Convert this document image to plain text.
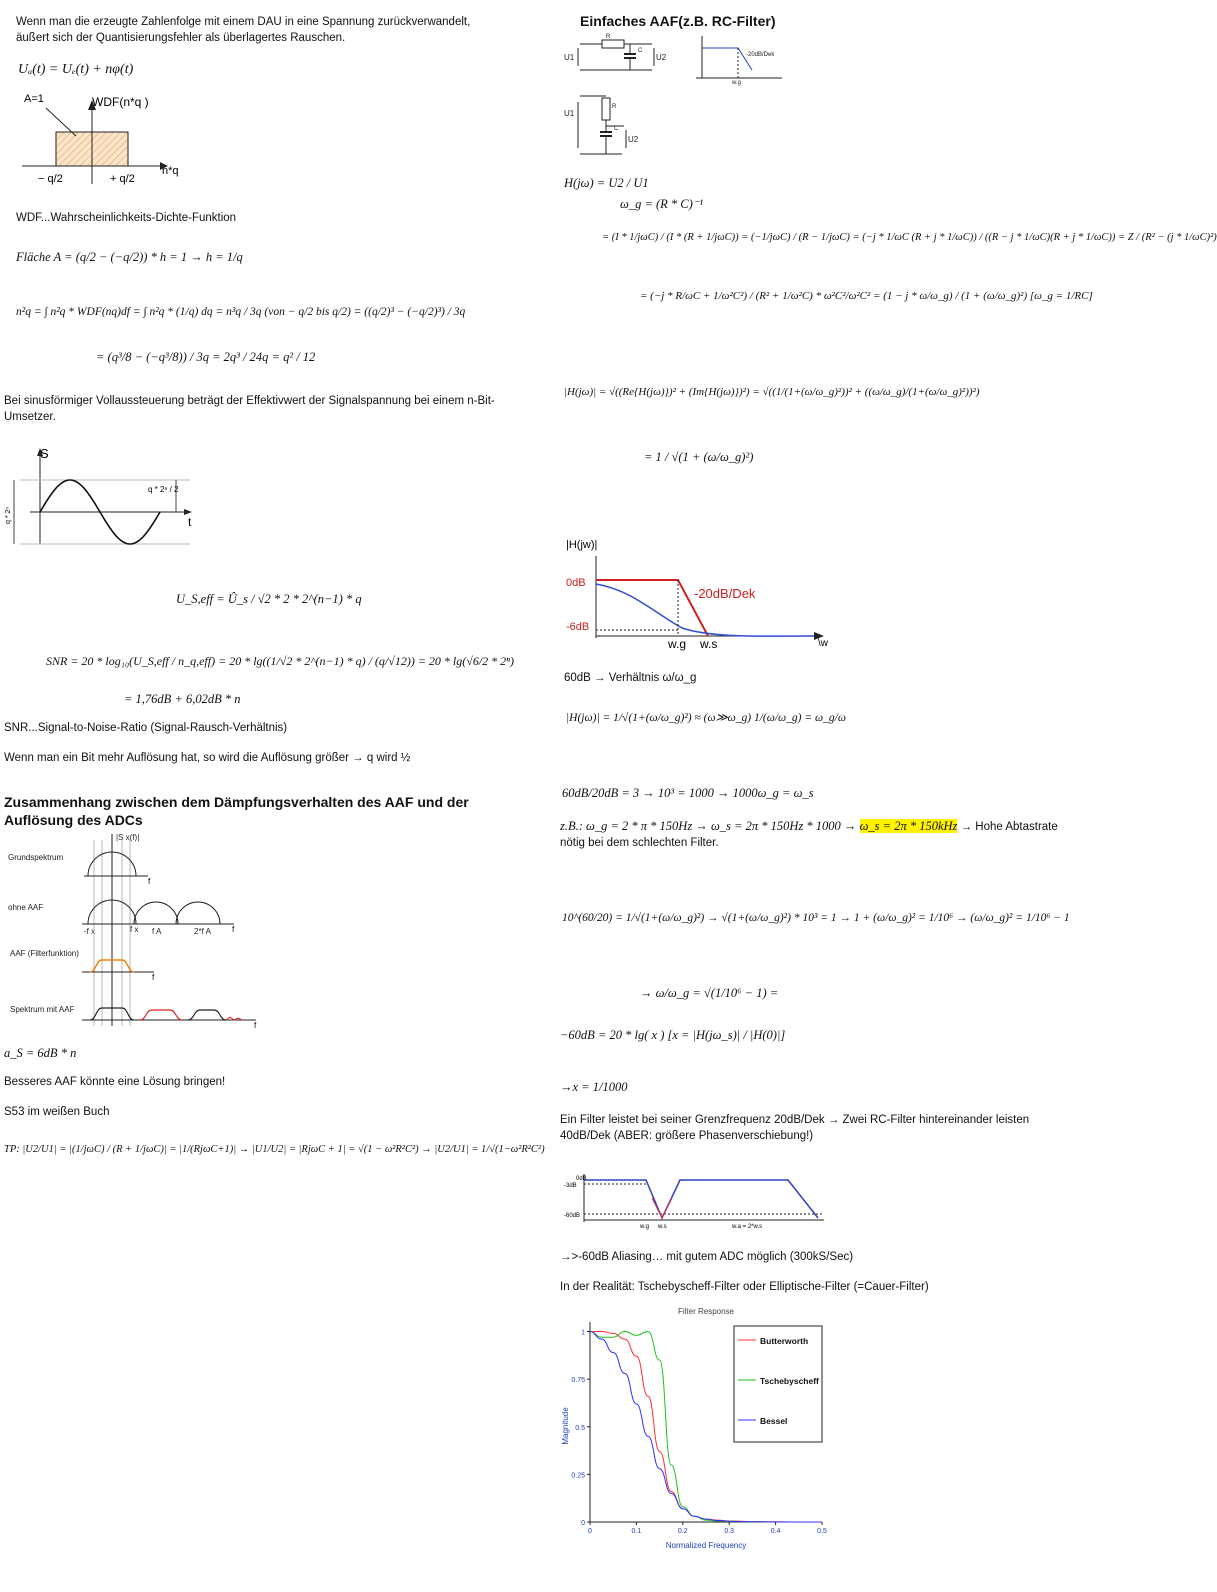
Wenn man die erzeugte Zahlenfolge mit einem DAU in eine Spannung zurückverwandelt, äußert sich der Quantisierungsfehler als überlagertes Rauschen.
Uₐ(t) = Uₑ(t) + nφ(t)
A=1	WDF(n*q )
n*q
− q/2	+ q/2
WDF...Wahrscheinlichkeits-Dichte-Funktion
Fläche A = (q/2 − (−q/2)) * h = 1 → h = 1/q
n²q = ∫ n²q * WDF(nq)df = ∫ n²q * (1/q) dq = n³q / 3q (von − q/2 bis q/2) = ((q/2)³ − (−q/2)³) / 3q
= (q³/8 − (−q³/8)) / 3q = 2q³ / 24q = q² / 12
Bei sinusförmiger Vollaussteuerung beträgt der Effektivwert der Signalspannung bei einem n-Bit-Umsetzer.
S
t
q * 2ⁿ / 2
q * 2ⁿ
U_S,eff = Û_s / √2 * 2 * 2^(n−1) * q
SNR = 20 * log₁₀(U_S,eff / n_q,eff) = 20 * lg((1/√2 * 2^(n−1) * q) / (q/√12)) = 20 * lg(√6/2 * 2ⁿ)
= 1,76dB + 6,02dB * n
SNR...Signal-to-Noise-Ratio (Signal-Rausch-Verhältnis)
Wenn man ein Bit mehr Auflösung hat, so wird die Auflösung größer → q wird ½
Zusammenhang zwischen dem Dämpfungsverhalten des AAF und der Auflösung des ADCs
Grundspektrum
ohne AAF
AAF (Filterfunktion)
Spektrum mit AAF
|S x(f)|
-f x	f x f A	2*f A
f
f
f
f
a_S = 6dB * n
Besseres AAF könnte eine Lösung bringen!
S53 im weißen Buch
TP: |U2/U1| = |(1/jωC) / (R + 1/jωC)| = |1/(RjωC+1)| → |U1/U2| = |RjωC + 1| = √(1 − ω²R²C²) → |U2/U1| = 1/√(1−ω²R²C²)
Einfaches AAF(z.B. RC-Filter)
U1	U2
R
C
U1
U2
R
C
-20dB/Dek
w.g
H(jω) = U2 / U1
ω_g = (R * C)⁻¹
= (I * 1/jωC) / (I * (R + 1/jωC)) = (−1/jωC) / (R − 1/jωC) = (−j * 1/ωC (R + j * 1/ωC)) / ((R − j * 1/ωC)(R + j * 1/ωC)) = Z / (R² − (j * 1/ωC)²)
= (−j * R/ωC + 1/ω²C²) / (R² + 1/ω²C) * ω²C²/ω²C² = (1 − j * ω/ω_g) / (1 + (ω/ω_g)²) [ω_g = 1/RC]
|H(jω)| = √((Re{H(jω)})² + (Im{H(jω)})²) = √((1/(1+(ω/ω_g)²))² + ((ω/ω_g)/(1+(ω/ω_g)²))²)
= 1 / √(1 + (ω/ω_g)²)
|H(jw)|
0dB
-6dB
-20dB/Dek
w.g w.s	\w
60dB → Verhältnis ω/ω_g
|H(jω)| = 1/√(1+(ω/ω_g)²) ≈ (ω≫ω_g) 1/(ω/ω_g) = ω_g/ω
60dB/20dB = 3 → 10³ = 1000 → 1000ω_g = ω_s
z.B.: ω_g = 2 * π * 150Hz → ω_s = 2π * 150Hz * 1000 → ω_s = 2π * 150kHz → Hohe Abtastrate nötig bei dem schlechten Filter.
10^(60/20) = 1/√(1+(ω/ω_g)²) → √(1+(ω/ω_g)²) * 10³ = 1 → 1 + (ω/ω_g)² = 1/10⁶ → (ω/ω_g)² = 1/10⁶ − 1
→ ω/ω_g = √(1/10⁶ − 1) =
−60dB = 20 * lg( x ) [x = |H(jω_s)| / |H(0)|]
→x = 1/1000
Ein Filter leistet bei seiner Grenzfrequenz 20dB/Dek → Zwei RC-Filter hintereinander leisten 40dB/Dek (ABER: größere Phasenverschiebung!)
0dB
-3dB
-60dB
w.g w.s	w.a = 2*w.s
→>-60dB Aliasing… mit gutem ADC möglich (300kS/Sec)
In der Realität: Tschebyscheff-Filter oder Elliptische-Filter (=Cauer-Filter)
Filter Response
Normalized Frequency
Magnitude
0	0.1	0.2	0.3	0.4	0.5
0
0.25
0.5
0.75
1
Butterworth
Tschebyscheff
Bessel
